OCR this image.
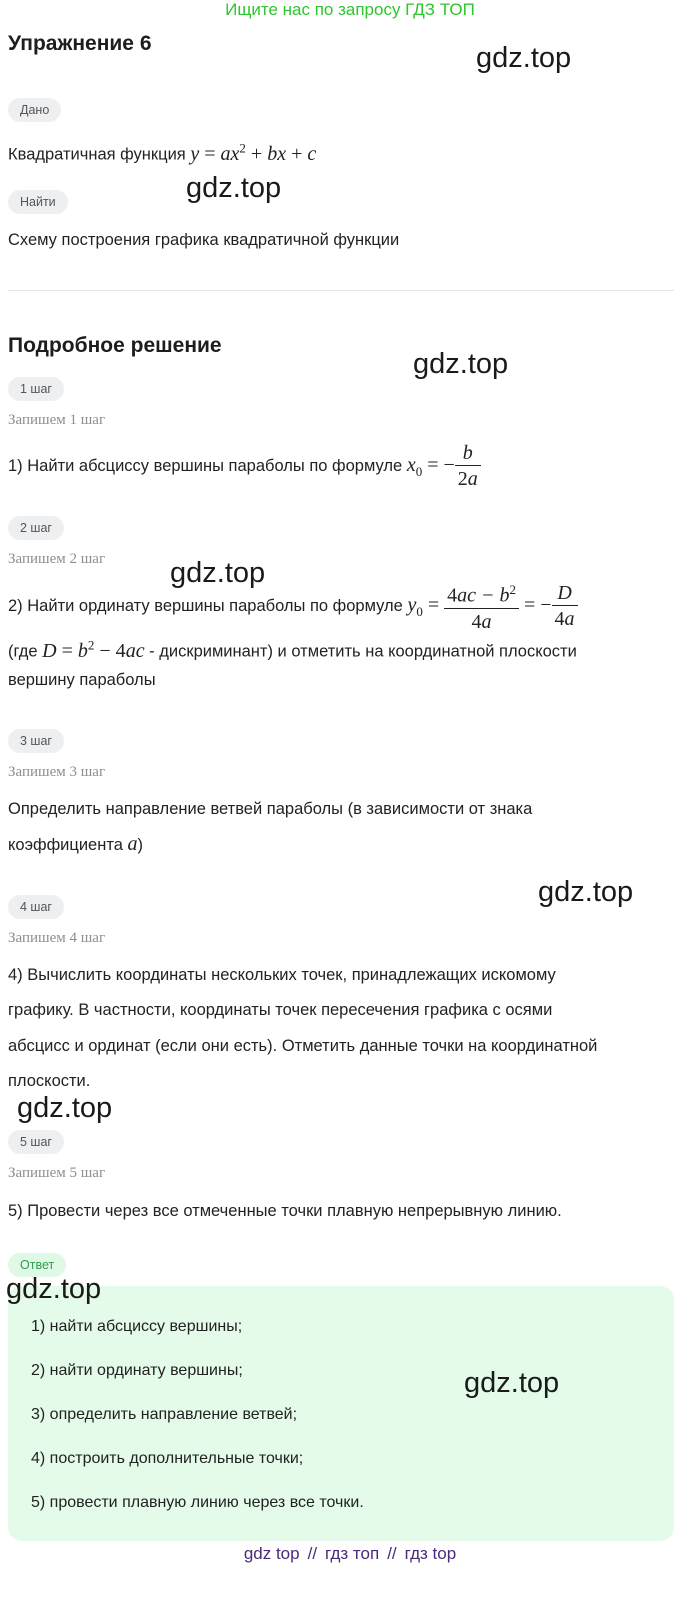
Ищите нас по запросу ГДЗ ТОП
Упражнение 6
Дано
Квадратичная функция $y = ax^2$ + bx + c
Найти
Схему построения графика квадратичной функции
Подробное решение
1 шаг
Запишем 1 шаг
1) Найти абсциссу вершины параболы по формуле $x_0$ = − $\frac{b}{2a}$
2 шаг
Запишем 2 шаг
2) Найти ординату вершины параболы по формуле $y_0 = \frac{4ac - b^2}{4a}$ = − $\frac{D}{4a}$
(где $D = b^2 - 4ac$ - дискриминант) и отметить на координатной плоскости
вершину параболы
3 шаг
Запишем 3 шаг
Определить направление ветвей параболы (в зависимости от знака
коэффициента a)
4 шаг
Запишем 4 шаг
4) Вычислить координаты нескольких точек, принадлежащих искомому
графику. В частности, координаты точек пересечения графика с осями
абсцисс и ординат (если они есть). Отметить данные точки на координатной
плоскости.
5 шаг
Запишем 5 шаг
5) Провести через все отмеченные точки плавную непрерывную линию.
Ответ
1) найти абсциссу вершины;
2) найти ординату вершины;
3) определить направление ветвей;
4) построить дополнительные точки;
5) провести плавную линию через все точки.
gdz.top
gdz.top
gdz.top
gdz.top
gdz.top
gdz.top
gdz.top
gdz.top
gdz top // гдз топ // гдз top
